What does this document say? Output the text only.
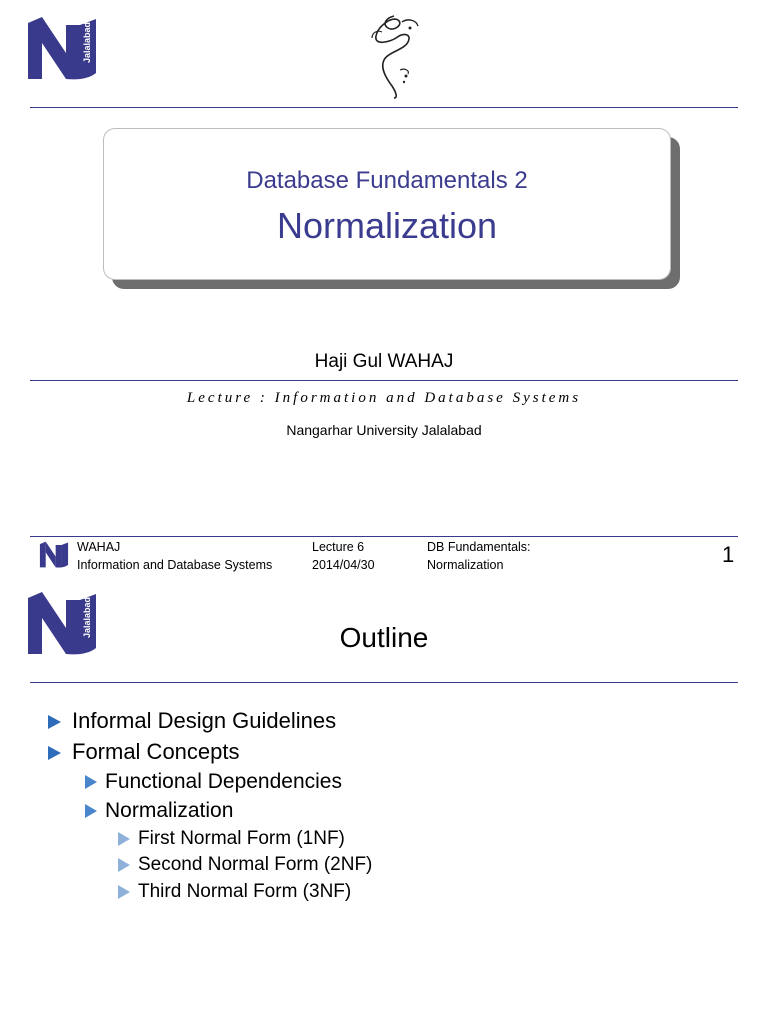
Jalalabad
Database Fundamentals 2
Normalization
Haji Gul WAHAJ
Lecture : Information and Database Systems
Nangarhar University Jalalabad
WAHAJ
Information and Database Systems
Lecture 6
2014/04/30
DB Fundamentals:
Normalization	1
Jalalabad	Outline
Informal Design Guidelines
Formal Concepts
Functional Dependencies
Normalization
First Normal Form (1NF)
Second Normal Form (2NF)
Third Normal Form (3NF)
